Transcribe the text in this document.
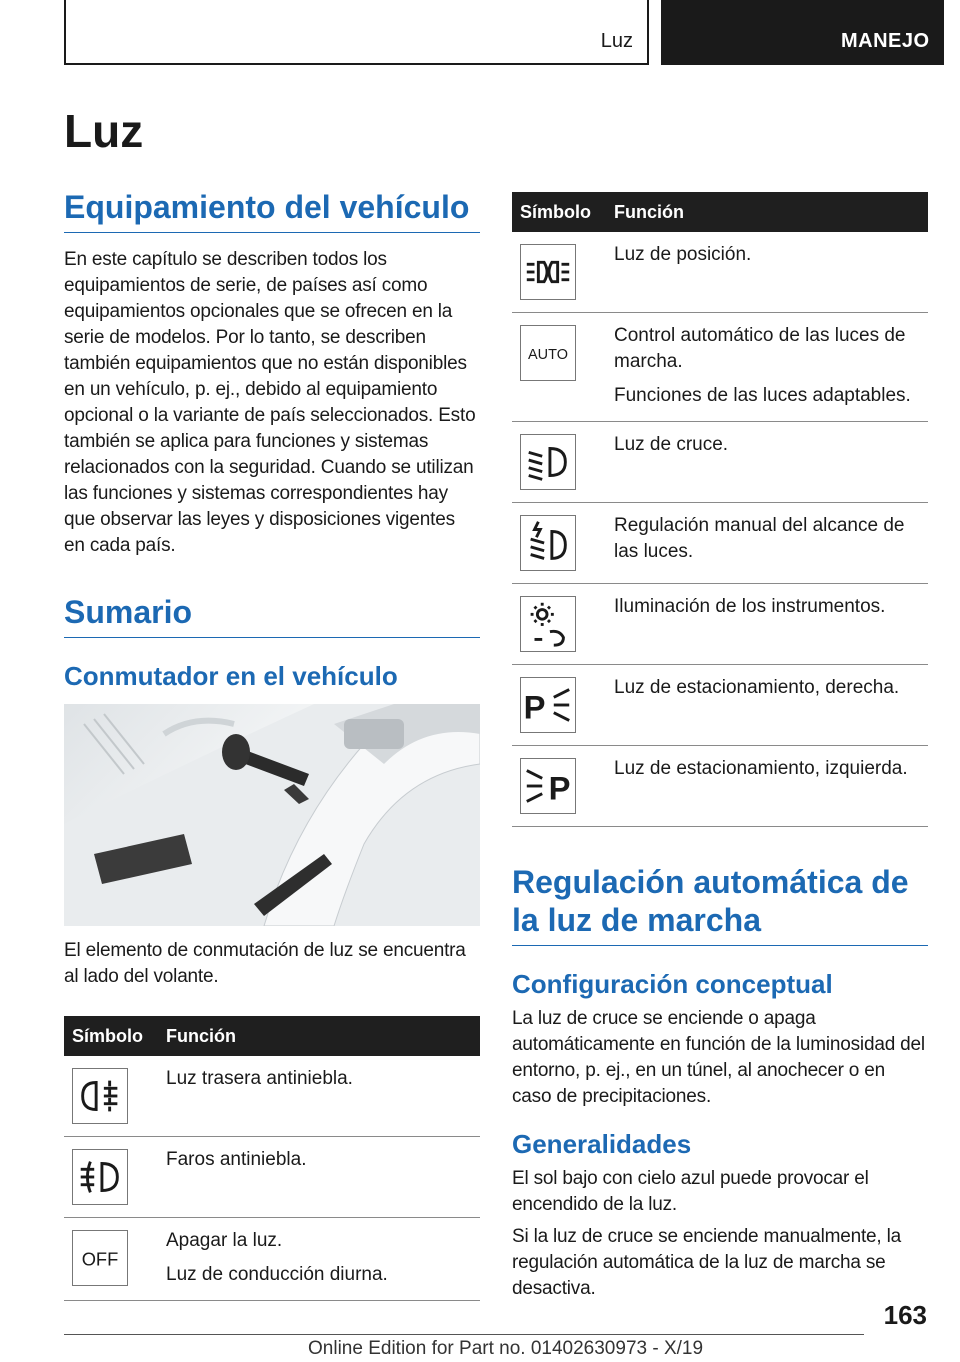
Luz	MANEJO
Luz
Equipamiento del vehículo

En este capítulo se describen todos los equipamientos de serie, de países así como equipamientos opcionales que se ofrecen en la serie de modelos. Por lo tanto, se describen también equipamientos que no están disponibles en un vehículo, p. ej., debido al equipamiento opcional o la variante de país seleccionados. Esto también se aplica para funciones y sistemas relacionados con la seguridad. Cuando se utilizan las funciones y sistemas correspondientes hay que observar las leyes y disposiciones vigentes en cada país.

Sumario
Conmutador en el vehículo

El elemento de conmutación de luz se encuentra al lado del volante.

Símbolo	Función

Luz trasera antiniebla.

Faros antiniebla.

OFF	Apagar la luz.

Luz de conducción diurna.

Símbolo	Función

Luz de posición.

AUTO	Control automático de las luces de marcha.

Funciones de las luces adaptables.

Luz de cruce.

Regulación manual del alcance de las luces.

Iluminación de los instrumentos.

P	Luz de estacionamiento, derecha.

P	Luz de estacionamiento, izquierda.

Regulación automática de la luz de marcha
Configuración conceptual

La luz de cruce se enciende o apaga automáticamente en función de la luminosidad del entorno, p. ej., en un túnel, al anochecer o en caso de precipitaciones.

Generalidades

El sol bajo con cielo azul puede provocar el encendido de la luz.

Si la luz de cruce se enciende manualmente, la regulación automática de la luz de marcha se desactiva.

163
Online Edition for Part no. 01402630973 - X/19
